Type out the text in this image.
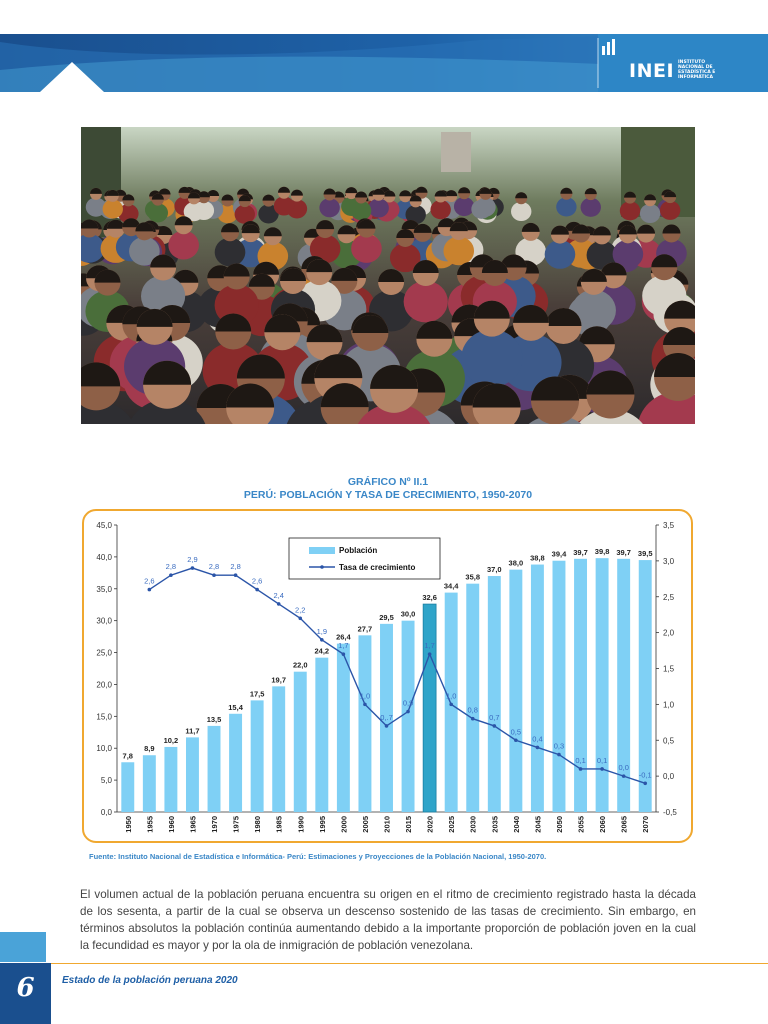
INEI INSTITUTO NACIONAL DE ESTADÍSTICA E INFORMÁTICA
GRÁFICO Nº II.1
PERÚ: POBLACIÓN Y TASA DE CRECIMIENTO, 1950-2070
0,0
5,0
10,0
15,0
20,0
25,0
30,0
35,0
40,0
45,0
-0,5
0,0
0,5
1,0
1,5
2,0
2,5
3,0
3,5
7,8
1950
8,9
1955
10,2
1960
11,7
1965
13,5
1970
15,4
1975
17,5
1980
19,7
1985
22,0
1990
24,2
1995
26,4
2000
27,7
2005
29,5
2010
30,0
2015
32,6
2020
34,4
2025
35,8
2030
37,0
2035
38,0
2040
38,8
2045
39,4
2050
39,7
2055
39,8
2060
39,7
2065
39,5
2070
2,6
2,8
2,9
2,8 2,8
2,6
2,4
2,2
1,9
1,7
1,0
0,.7
0,9
1,7
1,0
0,8
0,7
0,5
0,4
0,3
0,1 0,1
0,0
-0,1
Población
Tasa de crecimiento
Fuente: Instituto Nacional de Estadística e Informática- Perú: Estimaciones y Proyecciones de la Población Nacional, 1950-2070.
El volumen actual de la población peruana encuentra su origen en el ritmo de crecimiento registrado hasta la década de los sesenta, a partir de la cual se observa un descenso sostenido de las tasas de crecimiento. Sin embargo, en términos absolutos la población continúa aumentando debido a la importante proporción de población joven en la cual la fecundidad es mayor y por la ola de inmigración de población venezolana.
6	Estado de la población peruana 2020
